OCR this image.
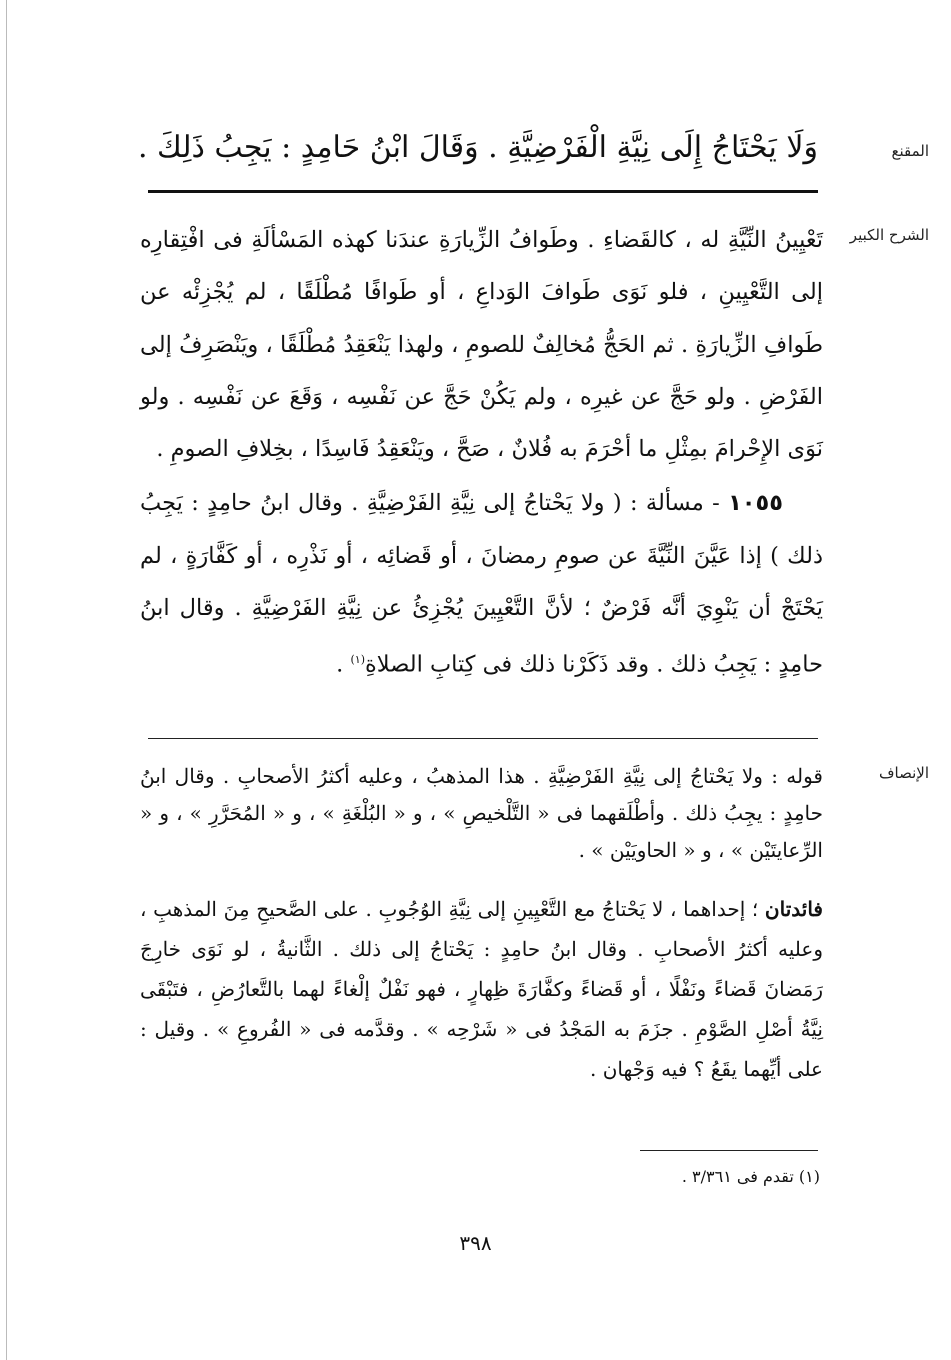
المقنع

وَلَا يَحْتَاجُ إِلَى نِيَّةِ الْفَرْضِيَّةِ . وَقَالَ ابْنُ حَامِدٍ : يَجِبُ ذَلِكَ .

الشرح الكبير

تَعْيِينُ النِّيَّةِ له ، كالقَضاءِ . وطَوافُ الزِّيارَةِ عندَنا كهذه المَسْألَةِ فى افْتِقارِه إلى التَّعْيِينِ ، فلو نَوَى طَوافَ الوَداعِ ، أو طَوافًا مُطْلَقًا ، لم يُجْزِئْه عن طَوافِ الزِّيارَةِ . ثم الحَجُّ مُخالِفٌ للصومِ ، ولهذا يَنْعَقِدُ مُطْلَقًا ، ويَنْصَرِفُ إلى الفَرْضِ . ولو حَجَّ عن غيرِه ، ولم يَكُنْ حَجَّ عن نَفْسِه ، وَقَعَ عن نَفْسِه . ولو نَوَى الإِحْرامَ بمِثْلِ ما أحْرَمَ به فُلانٌ ، صَحَّ ، ويَنْعَقِدُ فَاسِدًا ، بخِلافِ الصومِ .

١٠٥٥ - مسألة : ( ولا يَحْتاجُ إلى نِيَّةِ الفَرْضِيَّةِ . وقال ابنُ حامِدٍ : يَجِبُ ذلك ) إذا عَيَّنَ النِّيَّةَ عن صومِ رمضانَ ، أو قَضائِه ، أو نَذْرِه ، أو كَفَّارَةٍ ، لم يَحْتَجْ أن يَنْوِيَ أنَّه فَرْضٌ ؛ لأنَّ التَّعْيِينَ يُجْزِئُ عن نِيَّةِ الفَرْضِيَّةِ . وقال ابنُ حامِدٍ : يَجِبُ ذلك . وقد ذَكَرْنا ذلك فى كِتابِ الصلاةِ$^{(١)}$ .

الإنصاف

قوله : ولا يَحْتاجُ إلى نِيَّةِ الفَرْضِيَّةِ . هذا المذهبُ ، وعليه أكثرُ الأصحابِ . وقال ابنُ حامِدٍ : يجِبُ ذلك . وأطْلَقهما فى « التَّلْخيصِ » ، و « البُلْغَةِ » ، و « المُحَرَّرِ » ، و « الرِّعايتَيْن » ، و « الحاويَيْن » .

فائدتان ؛ إحداهما ، لا يَحْتاجُ مع التَّعْيِينِ إلى نِيَّةِ الوُجُوبِ . على الصَّحيحِ مِنَ المذهبِ ، وعليه أكثرُ الأصحابِ . وقال ابنُ حامِدٍ : يَحْتاجُ إلى ذلك . الثَّانيةُ ، لو نَوَى خارِجَ رَمَضانَ قَضاءً ونَفْلًا ، أو قَضاءً وكفَّارَةَ ظِهارٍ ، فهو نَفْلٌ إلْغاءً لهما بالتَّعارُضِ ، فتَبْقَى نِيَّةُ أصْلِ الصَّوْمِ . جزَمَ به المَجْدُ فى « شَرْحِه » . وقدَّمه فى « الفُروعِ » . وقيل : على أيِّهما يقَعُ ؟ فيه وَجْهان .

(١) تقدم فى ٣/٣٦١ .
٣٩٨
